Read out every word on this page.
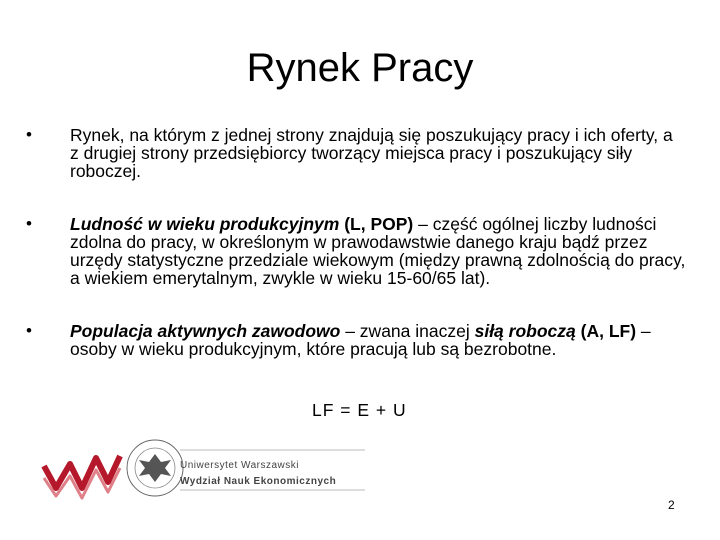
Rynek Pracy
• Rynek, na którym z jednej strony znajdują się poszukujący pracy i ich oferty, a z drugiej strony przedsiębiorcy tworzący miejsca pracy i poszukujący siły roboczej.
• Ludność w wieku produkcyjnym (L, POP) – część ogólnej liczby ludności zdolna do pracy, w określonym w prawodawstwie danego kraju bądź przez urzędy statystyczne przedziale wiekowym (między prawną zdolnością do pracy, a wiekiem emerytalnym, zwykle w wieku 15-60/65 lat).
• Populacja aktywnych zawodowo – zwana inaczej siłą roboczą (A, LF) – osoby w wieku produkcyjnym, które pracują lub są bezrobotne.
LF = E + U
Uniwersytet Warszawski
Wydział Nauk Ekonomicznych
2
